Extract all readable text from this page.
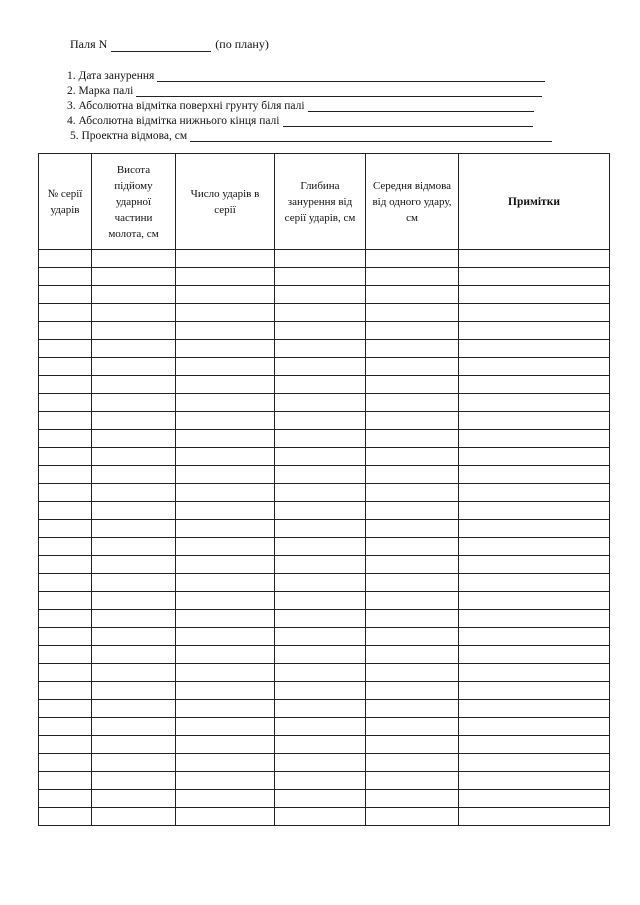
Паля N	(по плану)
1. Дата занурення
2. Марка палі
3. Абсолютна відмітка поверхні грунту біля палі
4. Абсолютна відмітка нижнього кінця палі
5. Проектна відмова, см
№ серії ударів	Висота підйому ударної частини молота, см	Число ударів в серії	Глибина занурення від серії ударів, см	Середня відмова від одного удару, см	Примітки
